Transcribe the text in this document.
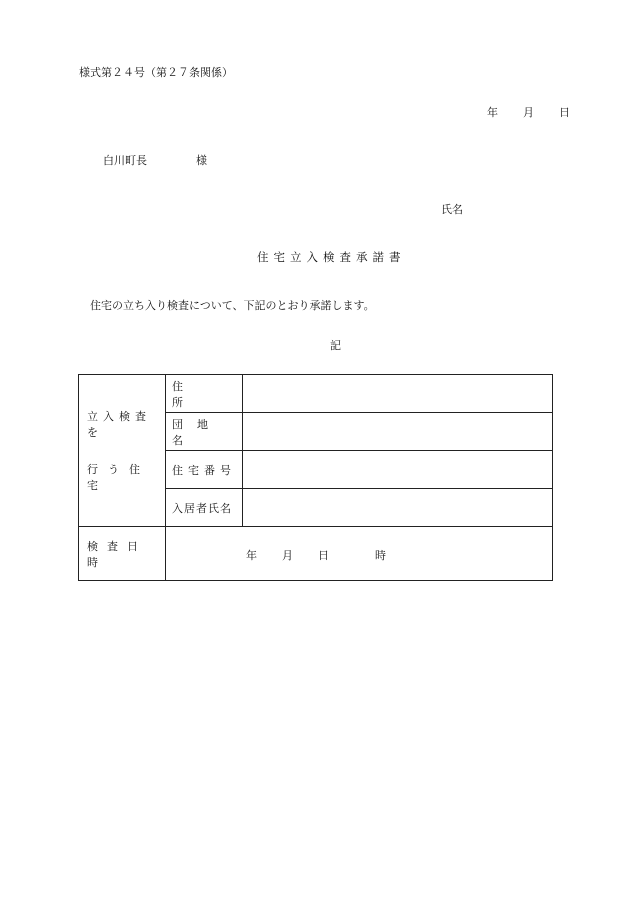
様式第２４号（第２７条関係）
年 月 日
白川町長	様
氏名
住宅立入検査承諾書
住宅の立ち入り検査について、下記のとおり承諾します。
記
立入検査を
行う住宅	住所	

	団地名	

	住宅番号	

	入居者氏名	

検査日時	年 月 日 時	
